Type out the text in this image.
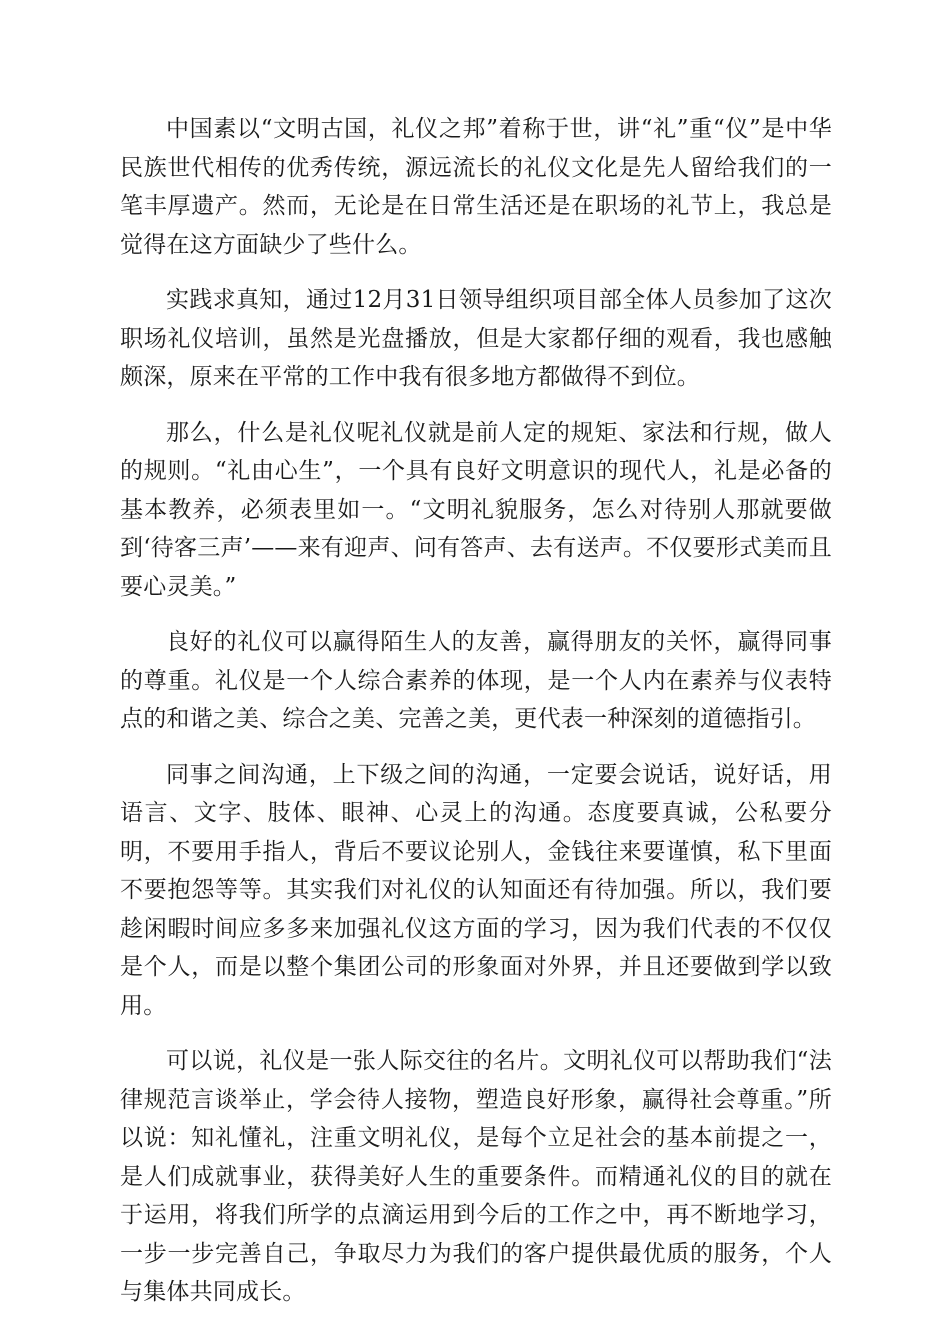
中国素以“文明古国，礼仪之邦”着称于世，讲“礼”重“仪”是中华民族世代相传的优秀传统，源远流长的礼仪文化是先人留给我们的一笔丰厚遗产。然而，无论是在日常生活还是在职场的礼节上，我总是觉得在这方面缺少了些什么。

实践求真知，通过12月31日领导组织项目部全体人员参加了这次职场礼仪培训，虽然是光盘播放，但是大家都仔细的观看，我也感触颇深，原来在平常的工作中我有很多地方都做得不到位。

那么，什么是礼仪呢礼仪就是前人定的规矩、家法和行规，做人的规则。“礼由心生”，一个具有良好文明意识的现代人，礼是必备的基本教养，必须表里如一。“文明礼貌服务，怎么对待别人那就要做到‘待客三声’——来有迎声、问有答声、去有送声。不仅要形式美而且要心灵美。”

良好的礼仪可以赢得陌生人的友善，赢得朋友的关怀，赢得同事的尊重。礼仪是一个人综合素养的体现，是一个人内在素养与仪表特点的和谐之美、综合之美、完善之美，更代表一种深刻的道德指引。

同事之间沟通，上下级之间的沟通，一定要会说话，说好话，用语言、文字、肢体、眼神、心灵上的沟通。态度要真诚，公私要分明，不要用手指人，背后不要议论别人，金钱往来要谨慎，私下里面不要抱怨等等。其实我们对礼仪的认知面还有待加强。所以，我们要趁闲暇时间应多多来加强礼仪这方面的学习，因为我们代表的不仅仅是个人，而是以整个集团公司的形象面对外界，并且还要做到学以致用。

可以说，礼仪是一张人际交往的名片。文明礼仪可以帮助我们“法律规范言谈举止，学会待人接物，塑造良好形象，赢得社会尊重。”所以说：知礼懂礼，注重文明礼仪，是每个立足社会的基本前提之一，是人们成就事业，获得美好人生的重要条件。而精通礼仪的目的就在于运用，将我们所学的点滴运用到今后的工作之中，再不断地学习，一步一步完善自己，争取尽力为我们的客户提供最优质的服务，个人与集体共同成长。
